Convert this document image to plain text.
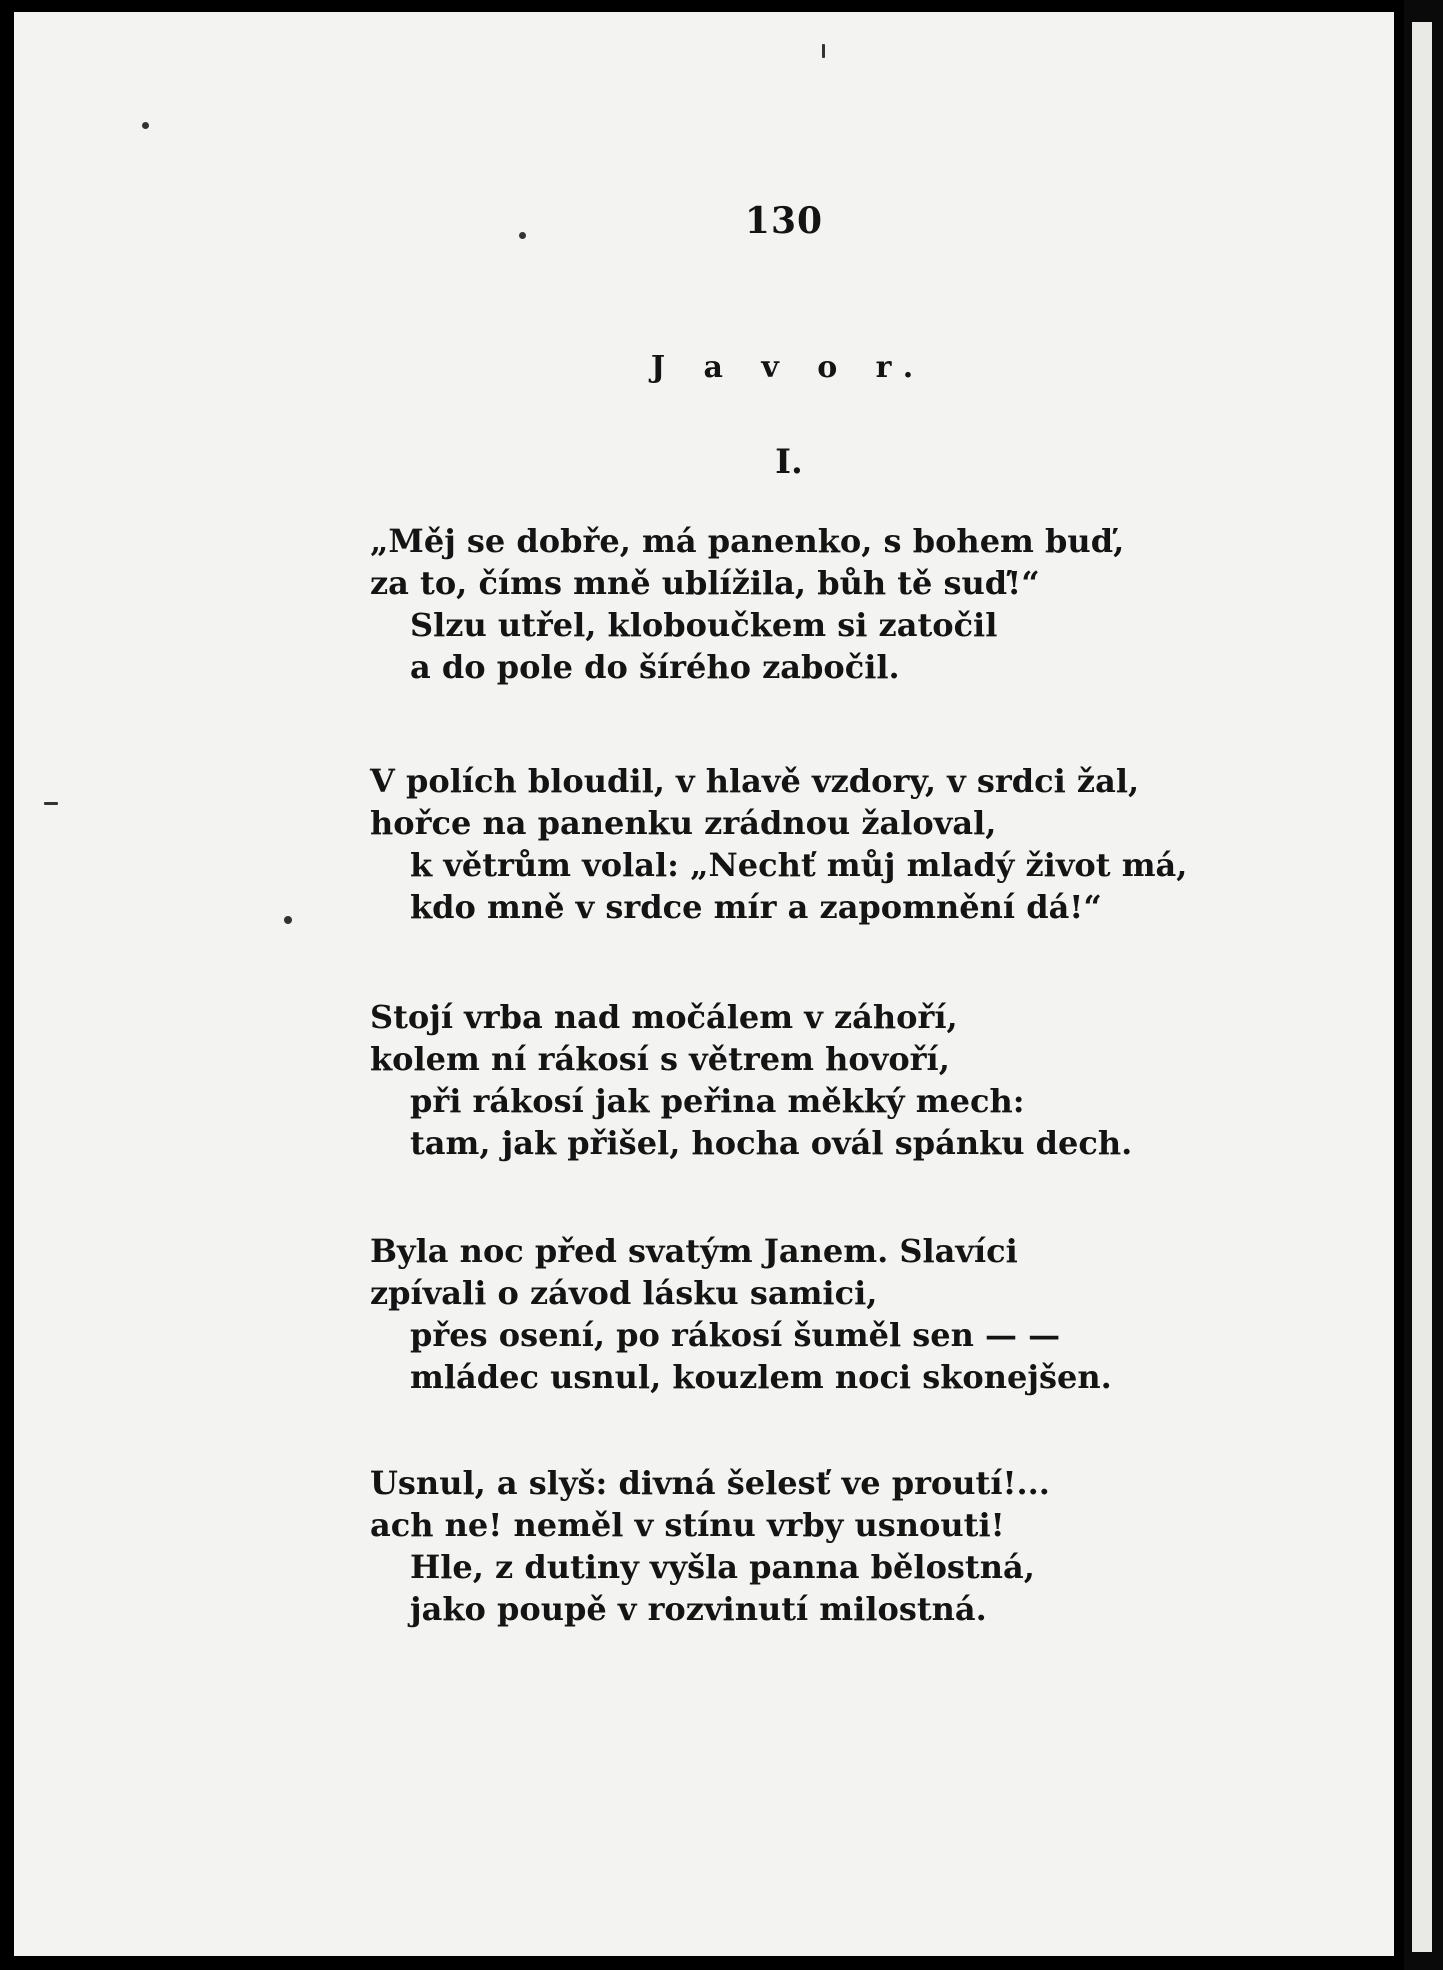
130
J a v o r.
I.
„Měj se dobře, má panenko, s bohem buď,
za to, číms mně ublížila, bůh tě suď!“
Slzu utřel, kloboučkem si zatočil
a do pole do šírého zabočil.
V polích bloudil, v hlavě vzdory, v srdci žal,
hořce na panenku zrádnou žaloval,
k větrům volal: „Nechť můj mladý život má,
kdo mně v srdce mír a zapomnění dá!“
Stojí vrba nad močálem v záhoří,
kolem ní rákosí s větrem hovoří,
při rákosí jak peřina měkký mech:
tam, jak přišel, hocha ovál spánku dech.
Byla noc před svatým Janem. Slavíci
zpívali o závod lásku samici,
přes osení, po rákosí šuměl sen — —
mládec usnul, kouzlem noci skonejšen.
Usnul, a slyš: divná šelesť ve proutí!...
ach ne! neměl v stínu vrby usnouti!
Hle, z dutiny vyšla panna bělostná,
jako poupě v rozvinutí milostná.
